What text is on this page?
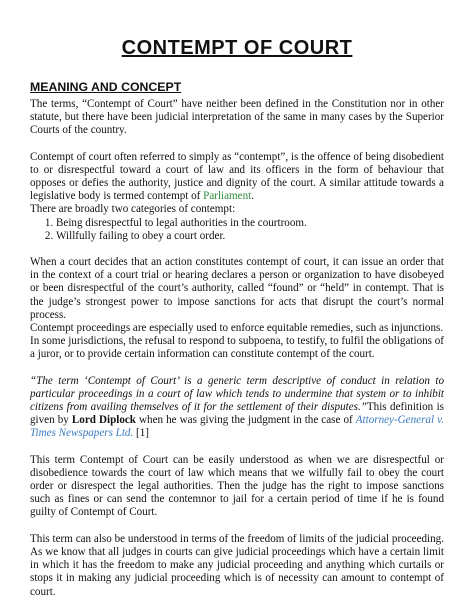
CONTEMPT OF COURT
MEANING AND CONCEPT

The terms, “Contempt of Court” have neither been defined in the Constitution nor in other statute, but there have been judicial interpretation of the same in many cases by the Superior Courts of the country.

Contempt of court often referred to simply as “contempt”, is the offence of being disobedient to or disrespectful toward a court of law and its officers in the form of behaviour that opposes or defies the authority, justice and dignity of the court. A similar attitude towards a legislative body is termed contempt of Parliament.

There are broadly two categories of contempt:

1. Being disrespectful to legal authorities in the courtroom.
2. Willfully failing to obey a court order.

When a court decides that an action constitutes contempt of court, it can issue an order that in the context of a court trial or hearing declares a person or organization to have disobeyed or been disrespectful of the court’s authority, called “found” or “held” in contempt. That is the judge’s strongest power to impose sanctions for acts that disrupt the court’s normal process.

Contempt proceedings are especially used to enforce equitable remedies, such as injunctions.

In some jurisdictions, the refusal to respond to subpoena, to testify, to fulfil the obligations of a juror, or to provide certain information can constitute contempt of the court.

“The term ‘Contempt of Court’ is a generic term descriptive of conduct in relation to particular proceedings in a court of law which tends to undermine that system or to inhibit citizens from availing themselves of it for the settlement of their disputes.”This definition is given by Lord Diplock when he was giving the judgment in the case of Attorney-General v. Times Newspapers Ltd. [1]

This term Contempt of Court can be easily understood as when we are disrespectful or disobedience towards the court of law which means that we wilfully fail to obey the court order or disrespect the legal authorities. Then the judge has the right to impose sanctions such as fines or can send the contemnor to jail for a certain period of time if he is found guilty of Contempt of Court.

This term can also be understood in terms of the freedom of limits of the judicial proceeding. As we know that all judges in courts can give judicial proceedings which have a certain limit in which it has the freedom to make any judicial proceeding and anything which curtails or stops it in making any judicial proceeding which is of necessity can amount to contempt of court.
